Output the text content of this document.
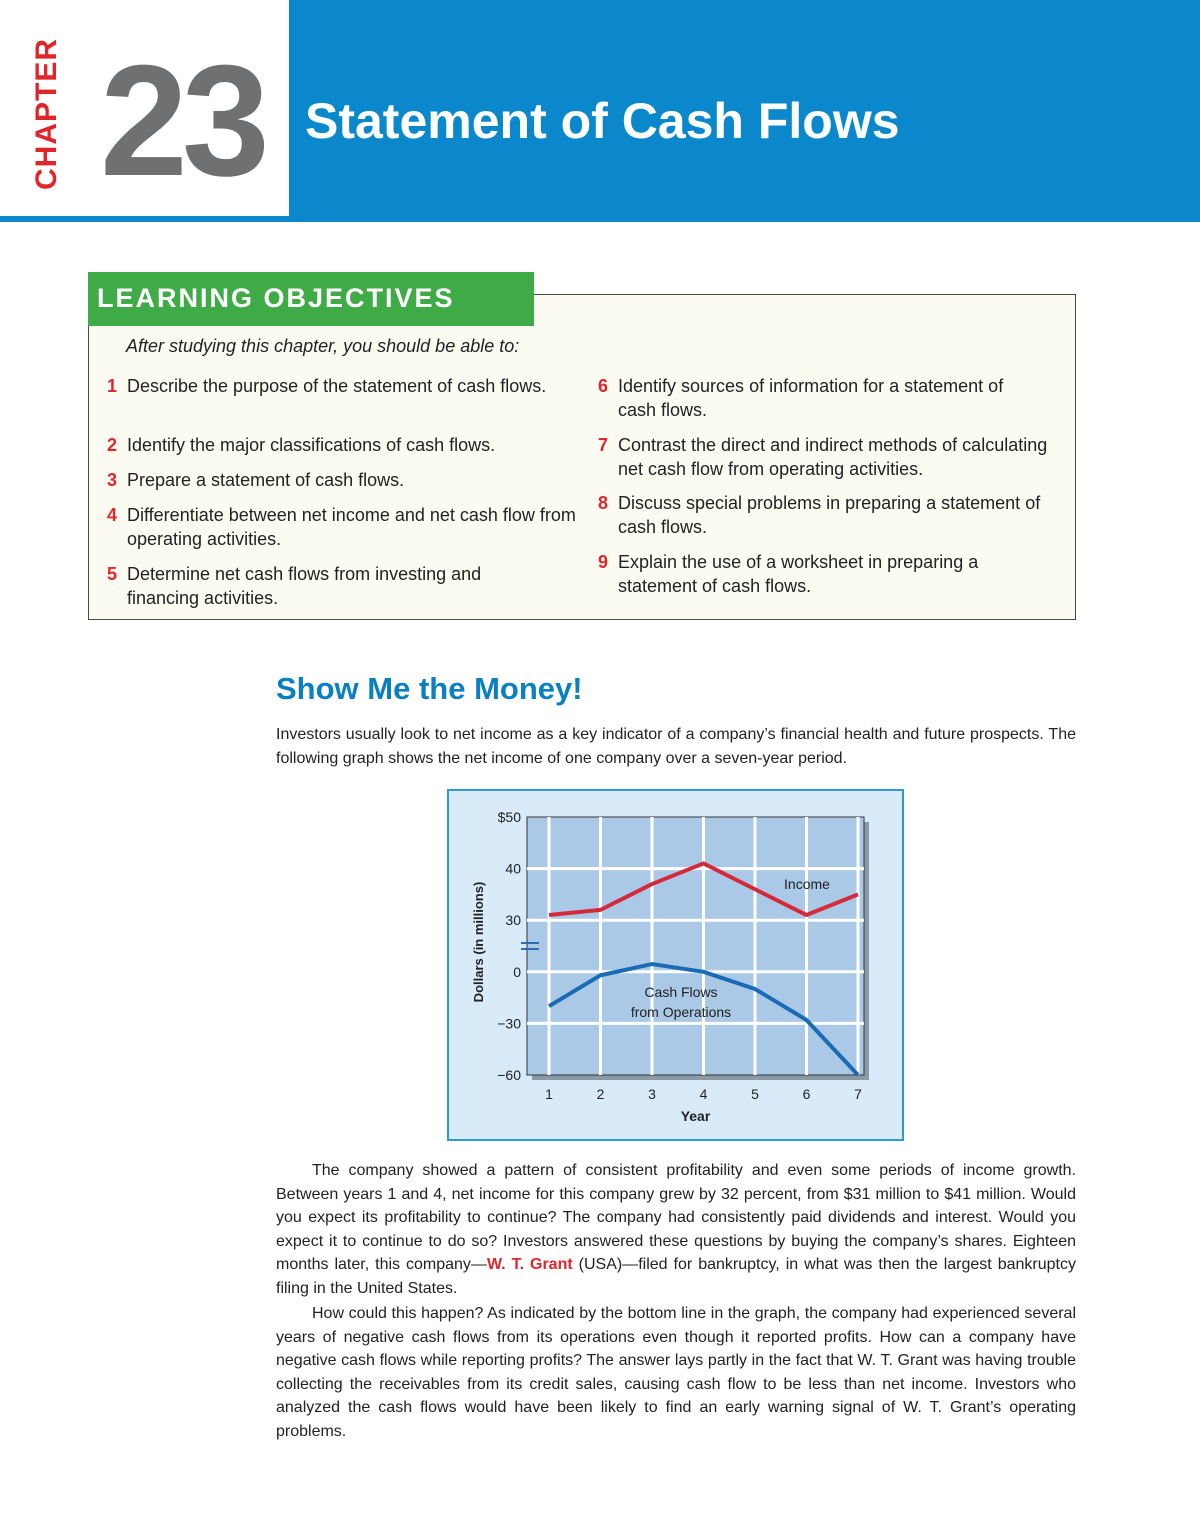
CHAPTER 23 Statement of Cash Flows
LEARNING OBJECTIVES
After studying this chapter, you should be able to:
1 Describe the purpose of the statement of cash flows.
2 Identify the major classifications of cash flows.
3 Prepare a statement of cash flows.
4 Differentiate between net income and net cash flow from operating activities.
5 Determine net cash flows from investing and financing activities.
6 Identify sources of information for a statement of cash flows.
7 Contrast the direct and indirect methods of calculating net cash flow from operating activities.
8 Discuss special problems in preparing a statement of cash flows.
9 Explain the use of a worksheet in preparing a statement of cash flows.
Show Me the Money!
Investors usually look to net income as a key indicator of a company’s financial health and future prospects. The following graph shows the net income of one company over a seven-year period.
$50
40
30
0
−30
−60
1	2	3	4	5	6	7
Year
Dollars (in millions)	Income
Cash Flows
from Operations
The company showed a pattern of consistent profitability and even some periods of income growth. Between years 1 and 4, net income for this company grew by 32 percent, from $31 million to $41 million. Would you expect its profitability to continue? The company had consistently paid dividends and interest. Would you expect it to continue to do so? Investors answered these questions by buying the company’s shares. Eighteen months later, this company—W. T. Grant (USA)—filed for bankruptcy, in what was then the largest bankruptcy filing in the United States.
How could this happen? As indicated by the bottom line in the graph, the company had experienced several years of negative cash flows from its operations even though it reported profits. How can a company have negative cash flows while reporting profits? The answer lays partly in the fact that W. T. Grant was having trouble collecting the receivables from its credit sales, causing cash flow to be less than net income. Investors who analyzed the cash flows would have been likely to find an early warning signal of W. T. Grant’s operating problems.
